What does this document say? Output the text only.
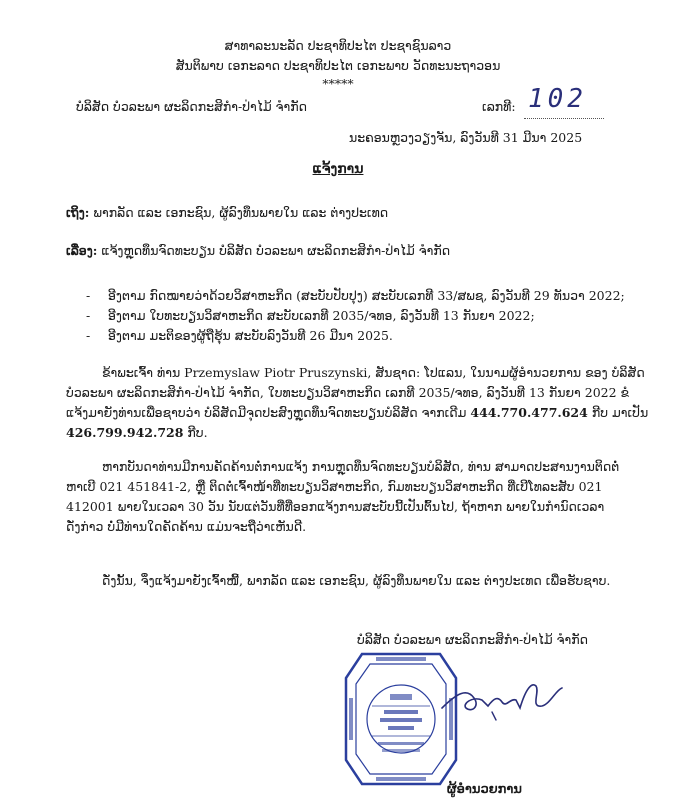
ສາທາລະນະລັດ ປະຊາທິປະໄຕ ປະຊາຊົນລາວ
ສັນຕິພາບ ເອກະລາດ ປະຊາທິປະໄຕ ເອກະພາບ ວັດທະນະຖາວອນ
*****
ບໍລິສັດ ບໍວລະພາ ຜະລິດກະສິກຳ-ປ່າໄມ້ ຈຳກັດ	ເລກທີ: 102
ນະຄອນຫຼວງວຽງຈັນ, ລົງວັນທີ 31 ມີນາ 2025
ແຈ້ງການ
ເຖິງ: ພາກລັດ ແລະ ເອກະຊົນ, ຜູ້ລົງທຶນພາຍໃນ ແລະ ຕ່າງປະເທດ
ເລື່ອງ: ແຈ້ງຫຼຸດທຶນຈົດທະບຽນ ບໍລິສັດ ບໍວລະພາ ຜະລິດກະສິກຳ-ປ່າໄມ້ ຈຳກັດ
- ອີງຕາມ ກົດໝາຍວ່າດ້ວຍວິສາຫະກິດ (ສະບັບປັບປຸງ) ສະບັບເລກທີ 33/ສພຊ, ລົງວັນທີ 29 ທັນວາ 2022;
- ອີງຕາມ ໃບທະບຽນວິສາຫະກິດ ສະບັບເລກທີ 2035/ຈທອ, ລົງວັນທີ 13 ກັນຍາ 2022;
- ອີງຕາມ ມະຕິຂອງຜູ້ຖືຮຸ້ນ ສະບັບລົງວັນທີ 26 ມີນາ 2025.
ຂ້າພະເຈົ້າ ທ່ານ Przemyslaw Piotr Pruszynski, ສັນຊາດ: ໂປແລນ, ໃນນາມຜູ້ອຳນວຍການ ຂອງ ບໍລິສັດ
ບໍວລະພາ ຜະລິດກະສິກຳ-ປ່າໄມ້ ຈຳກັດ, ໃບທະບຽນວິສາຫະກິດ ເລກທີ 2035/ຈທອ, ລົງວັນທີ 13 ກັນຍາ 2022 ຂໍ
ແຈ້ງມາຍັງທ່ານເພື່ອຊາບວ່າ ບໍລິສັດມີຈຸດປະສົງຫຼຸດທຶນຈົດທະບຽນບໍລິສັດ ຈາກເດີມ 444.770.477.624 ກີບ ມາເປັນ
426.799.942.728 ກີບ.
ຫາກບັນດາທ່ານມີການຄັດຄ້ານຕໍ່ການແຈ້ງ ການຫຼຸດທຶນຈົດທະບຽນບໍລິສັດ, ທ່ານ ສາມາດປະສານງານຕິດຕໍ່
ຫາເບີ 021 451841-2, ຫຼື ຕິດຕໍ່ເຈົ້າໜ້າທີ່ທະບຽນວິສາຫະກິດ, ກົມທະບຽນວິສາຫະກິດ ທີ່ເບີໂທລະສັບ 021
412001 ພາຍໃນເວລາ 30 ວັນ ນັບແຕ່ວັນທີ່ທີ່ອອກແຈ້ງການສະບັບນີ້ເປັນຕົ້ນໄປ, ຖ້າຫາກ ພາຍໃນກຳນົດເວລາ
ດັ່ງກ່າວ ບໍ່ມີທ່ານໃດຄັດຄ້ານ ແມ່ນຈະຖືວ່າເຫັນດີ.
ດັ່ງນັ້ນ, ຈຶ່ງແຈ້ງມາຍັງເຈົ້າໜີ້, ພາກລັດ ແລະ ເອກະຊົນ, ຜູ້ລົງທຶນພາຍໃນ ແລະ ຕ່າງປະເທດ ເພື່ອຮັບຊາບ.
ບໍລິສັດ ບໍວລະພາ ຜະລິດກະສິກຳ-ປ່າໄມ້ ຈຳກັດ
ຜູ້ອຳນວຍການ
